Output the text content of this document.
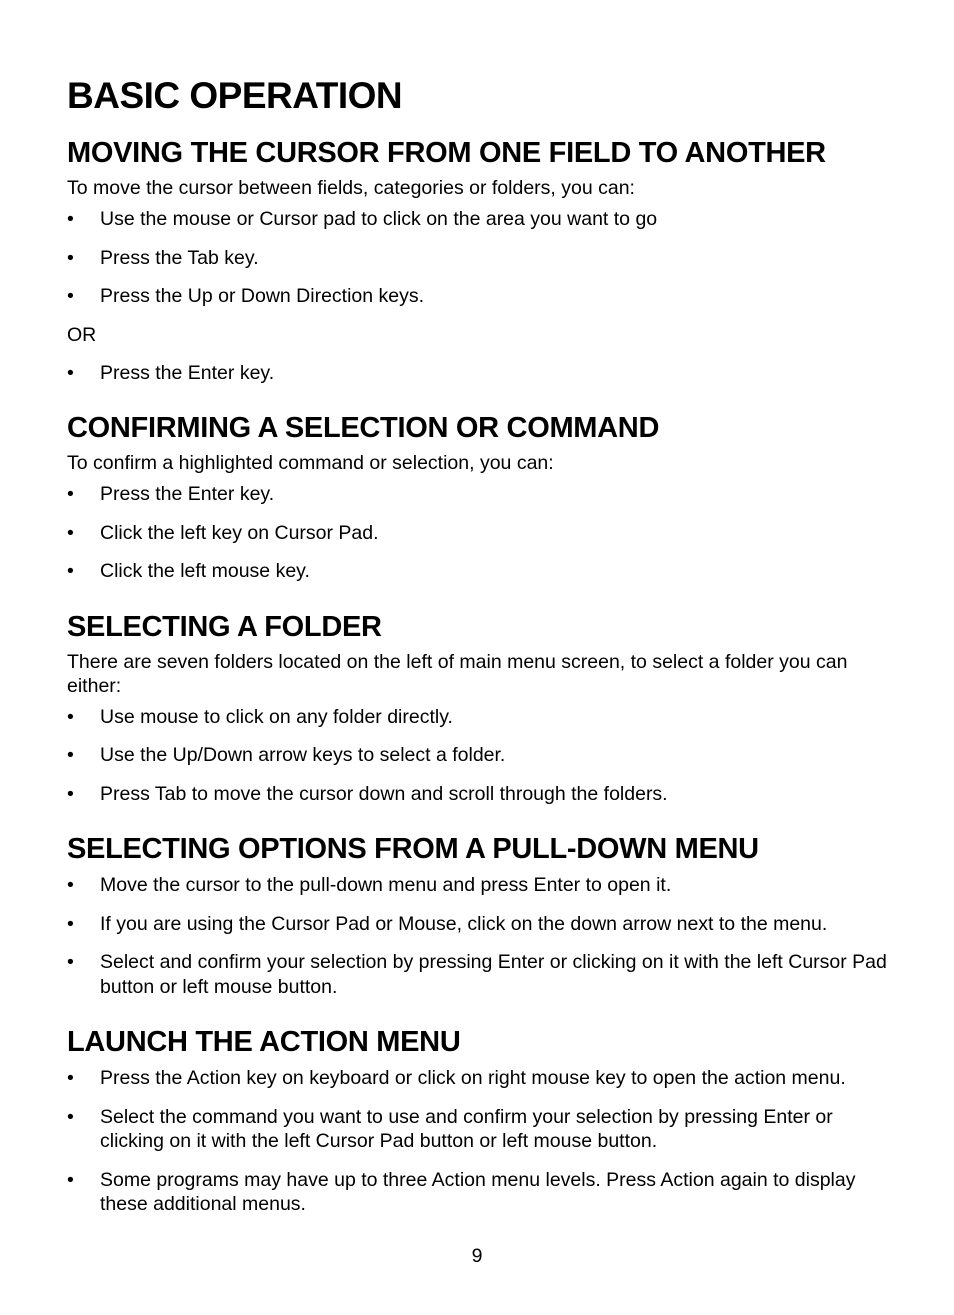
BASIC OPERATION
MOVING THE CURSOR FROM ONE FIELD TO ANOTHER

To move the cursor between fields, categories or folders, you can:

• Use the mouse or Cursor pad to click on the area you want to go
• Press the Tab key.
• Press the Up or Down Direction keys.
OR
• Press the Enter key.
CONFIRMING A SELECTION OR COMMAND

To confirm a highlighted command or selection, you can:

• Press the Enter key.
• Click the left key on Cursor Pad.
• Click the left mouse key.
SELECTING A FOLDER

There are seven folders located on the left of main menu screen, to select a folder you can either:

• Use mouse to click on any folder directly.
• Use the Up/Down arrow keys to select a folder.
• Press Tab to move the cursor down and scroll through the folders.
SELECTING OPTIONS FROM A PULL-DOWN MENU
• Move the cursor to the pull-down menu and press Enter to open it.
• If you are using the Cursor Pad or Mouse, click on the down arrow next to the menu.
• Select and confirm your selection by pressing Enter or clicking on it with the left Cursor Pad button or left mouse button.
LAUNCH THE ACTION MENU
• Press the Action key on keyboard or click on right mouse key to open the action menu.
• Select the command you want to use and confirm your selection by pressing Enter or clicking on it with the left Cursor Pad button or left mouse button.
• Some programs may have up to three Action menu levels. Press Action again to display these additional menus.
9
